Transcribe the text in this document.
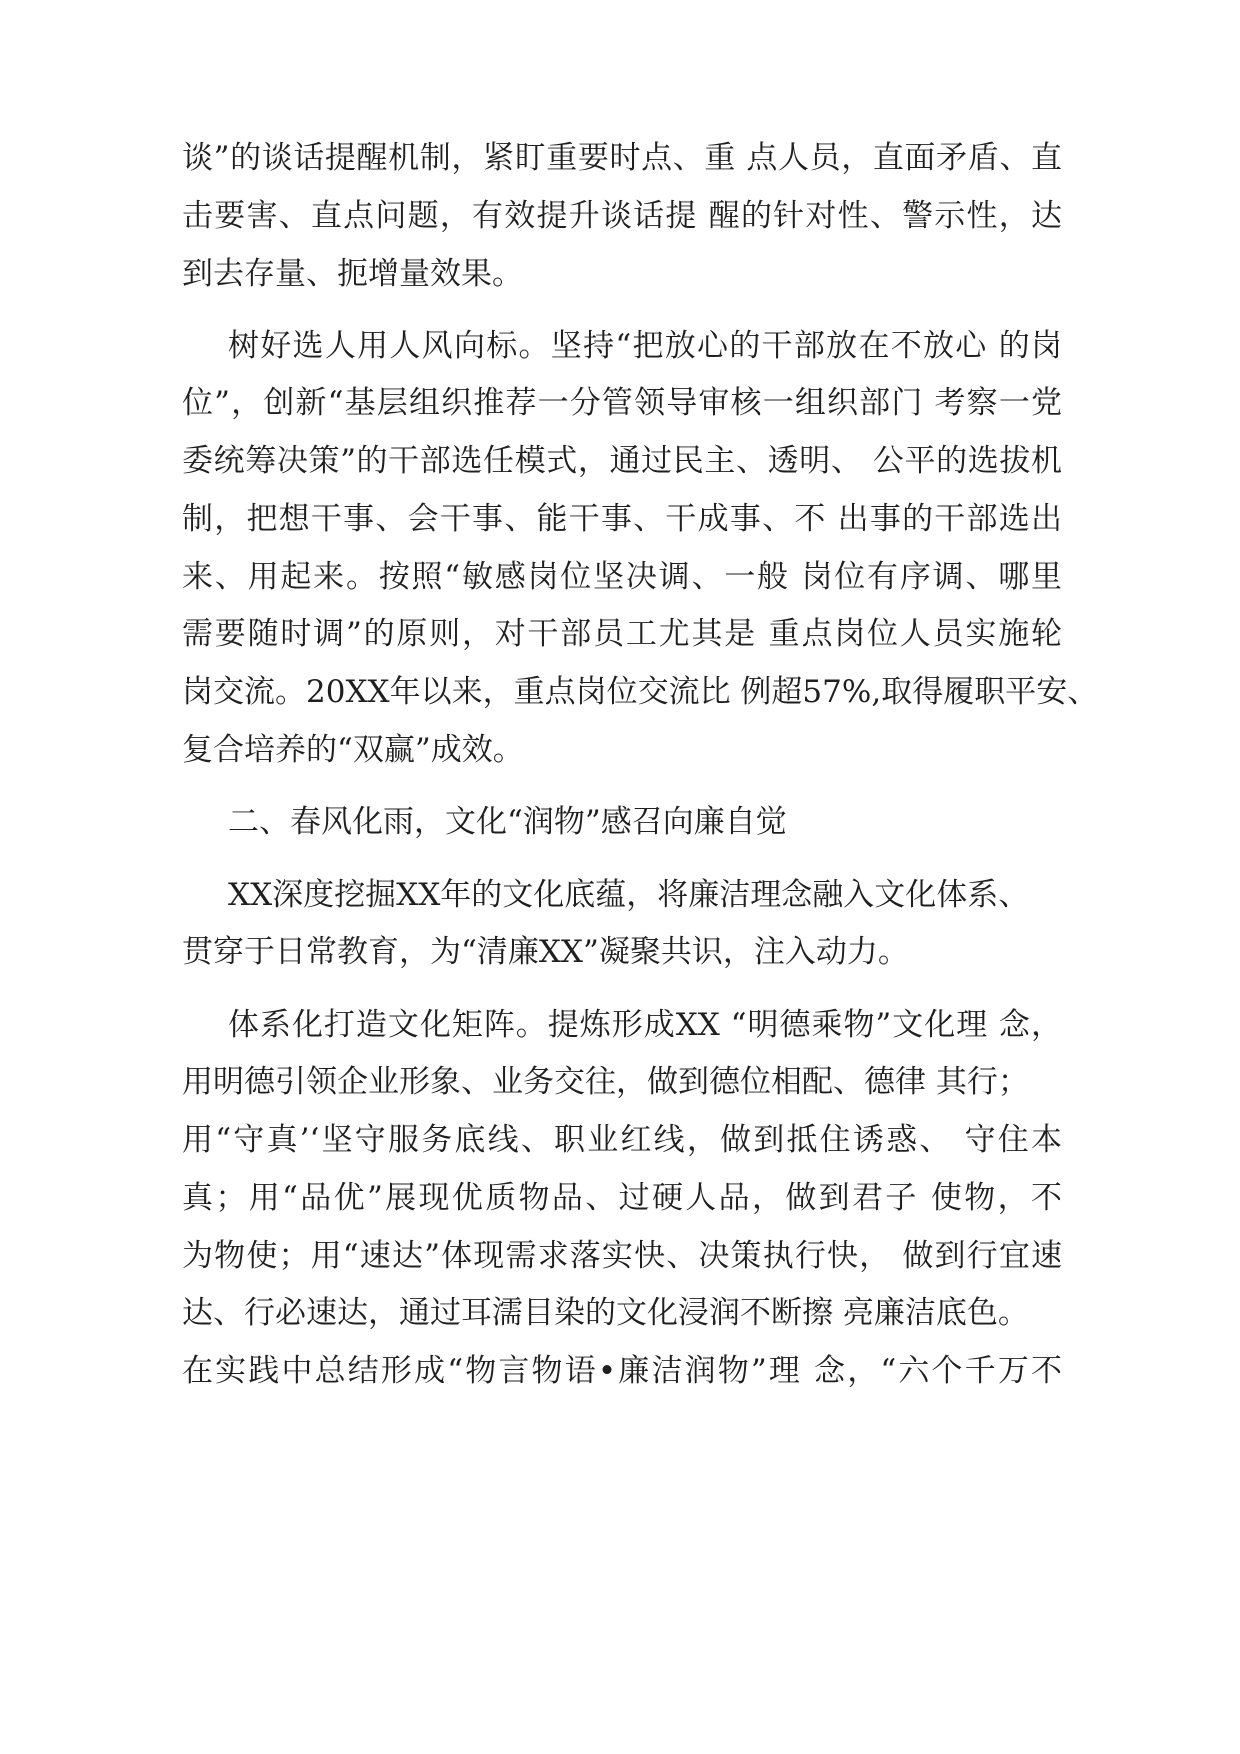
谈”的谈话提醒机制，紧盯重要时点、重 点人员，直面矛盾、直
击要害、直点问题，有效提升谈话提 醒的针对性、警示性，达
到去存量、扼增量效果。
树好选人用人风向标。坚持“把放心的干部放在不放心 的岗
位”，创新“基层组织推荐一分管领导审核一组织部门 考察一党
委统筹决策”的干部选任模式，通过民主、透明、 公平的选拔机
制，把想干事、会干事、能干事、干成事、不 出事的干部选出
来、用起来。按照“敏感岗位坚决调、一般 岗位有序调、哪里
需要随时调”的原则，对干部员工尤其是 重点岗位人员实施轮
岗交流。20XX年以来，重点岗位交流比 例超57%,取得履职平安、
复合培养的“双赢”成效。
二、春风化雨，文化“润物”感召向廉自觉
XX深度挖掘XX年的文化底蕴，将廉洁理念融入文化体系、
贯穿于日常教育，为“清廉XX”凝聚共识，注入动力。
体系化打造文化矩阵。提炼形成XX “明德乘物”文化理 念，
用明德引领企业形象、业务交往，做到德位相配、德律 其行；
用“守真’‘坚守服务底线、职业红线，做到抵住诱惑、 守住本
真；用“品优”展现优质物品、过硬人品，做到君子 使物，不
为物使；用“速达”体现需求落实快、决策执行快， 做到行宜速
达、行必速达，通过耳濡目染的文化浸润不断擦 亮廉洁底色。
在实践中总结形成“物言物语•廉洁润物”理 念，“六个千万不
